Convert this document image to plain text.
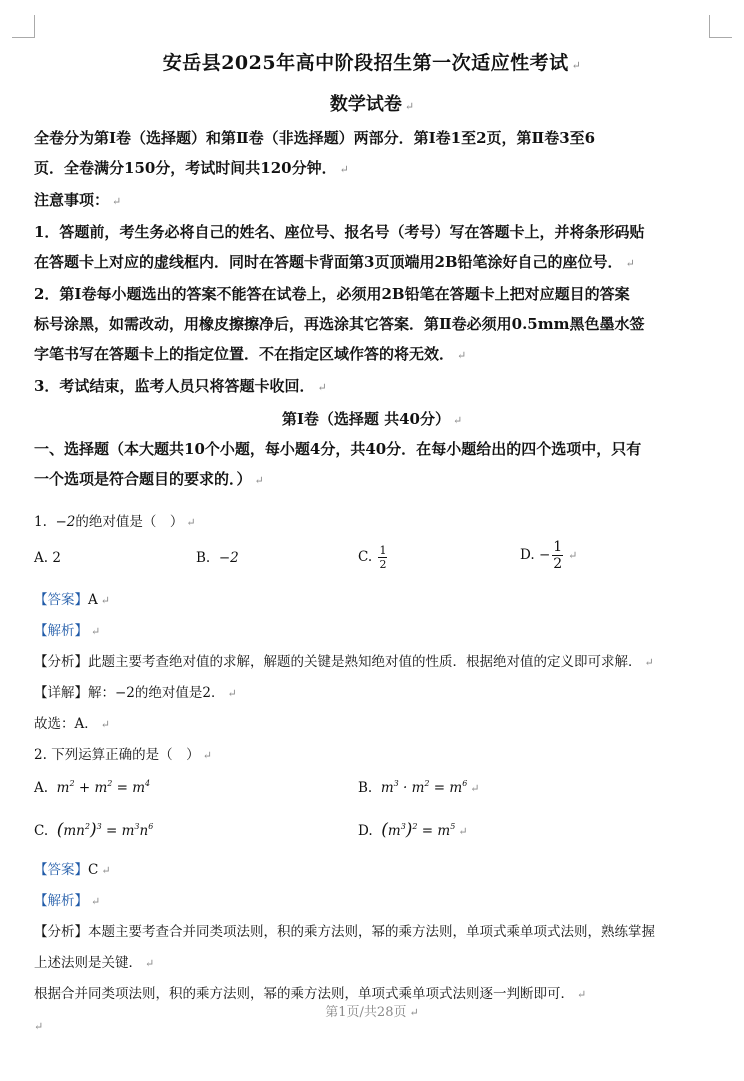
安岳县2025年高中阶段招生第一次适应性考试 ↵
数学试卷 ↵
全卷分为第Ⅰ卷（选择题）和第Ⅱ卷（非选择题）两部分．第Ⅰ卷1至2页，第Ⅱ卷3至6
页．全卷满分150分，考试时间共120分钟． ↵
注意事项： ↵
1．答题前，考生务必将自己的姓名、座位号、报名号（考号）写在答题卡上，并将条形码贴
在答题卡上对应的虚线框内．同时在答题卡背面第3页顶端用2B铅笔涂好自己的座位号． ↵
2．第Ⅰ卷每小题选出的答案不能答在试卷上，必须用2B铅笔在答题卡上把对应题目的答案
标号涂黑，如需改动，用橡皮擦擦净后，再选涂其它答案．第Ⅱ卷必须用0.5mm黑色墨水签
字笔书写在答题卡上的指定位置．不在指定区域作答的将无效． ↵
3．考试结束，监考人员只将答题卡收回． ↵
第Ⅰ卷（选择题 共40分） ↵
一、选择题（本大题共10个小题，每小题4分，共40分．在每小题给出的四个选项中，只有
一个选项是符合题目的要求的．） ↵
1. −2的绝对值是（　） ↵
A. 2	B. −2	C. $\frac{1}{2}$	D. − $\frac{1}{2}$ ↵
【答案】A ↵
【解析】 ↵
【分析】此题主要考查绝对值的求解，解题的关键是熟知绝对值的性质．根据绝对值的定义即可求解． ↵
【详解】解：−2的绝对值是2． ↵
故选：A． ↵
2. 下列运算正确的是（　） ↵
A. $m^2 + m^2 = m^4$	B. $m^3 \cdot m^2 = m^6$ ↵
C. $(mn^2)^3 = m^3n^6$	D. $(m^3)^2 = m^5$ ↵
【答案】C ↵
【解析】 ↵
【分析】本题主要考查合并同类项法则，积的乘方法则，幂的乘方法则，单项式乘单项式法则，熟练掌握
上述法则是关键． ↵
根据合并同类项法则，积的乘方法则，幂的乘方法则，单项式乘单项式法则逐一判断即可． ↵
第1页/共28页 ↵
↵
